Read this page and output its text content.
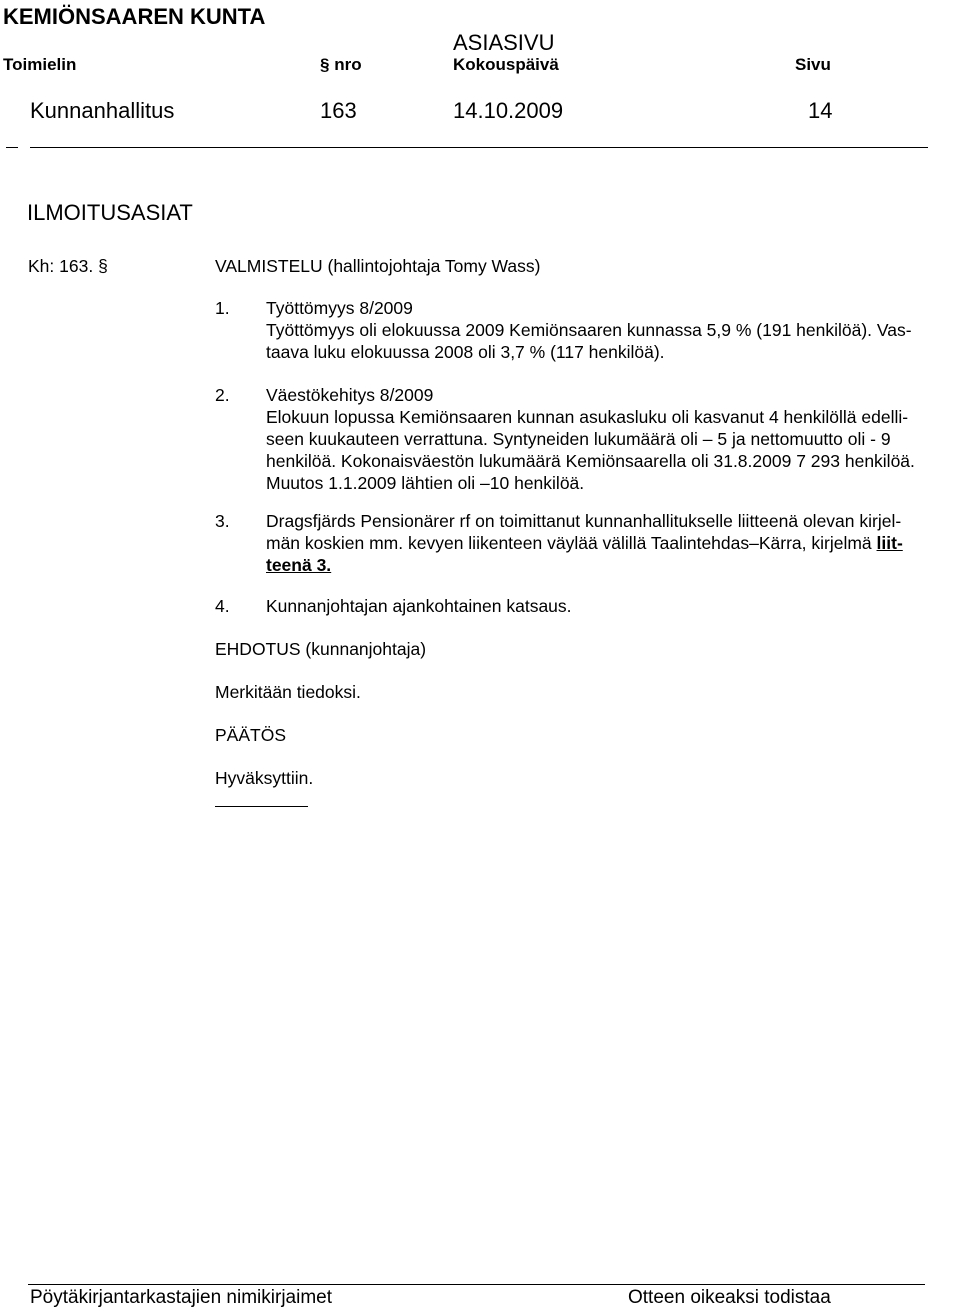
KEMIÖNSAAREN KUNTA
ASIASIVU
Toimielin	§ nro	Kokouspäivä	Sivu
Kunnanhallitus	163	14.10.2009	14
ILMOITUSASIAT
Kh: 163. §	VALMISTELU (hallintojohtaja Tomy Wass)
1. Työttömyys 8/2009

Työttömyys oli elokuussa 2009 Kemiönsaaren kunnassa 5,9 % (191 henkilöä). Vas-

taava luku elokuussa 2008 oli 3,7 % (117 henkilöä).

2. Väestökehitys 8/2009

Elokuun lopussa Kemiönsaaren kunnan asukasluku oli kasvanut 4 henkilöllä edelli-

seen kuukauteen verrattuna. Syntyneiden lukumäärä oli – 5 ja nettomuutto oli - 9

henkilöä. Kokonaisväestön lukumäärä Kemiönsaarella oli 31.8.2009 7 293 henkilöä.

Muutos 1.1.2009 lähtien oli –10 henkilöä.

3. Dragsfjärds Pensionärer rf on toimittanut kunnanhallitukselle liitteenä olevan kirjel-

män koskien mm. kevyen liikenteen väylää välillä Taalintehdas–Kärra, kirjelmä liit-

teenä 3.

4. Kunnanjohtajan ajankohtainen katsaus.
EHDOTUS (kunnanjohtaja)
Merkitään tiedoksi.
PÄÄTÖS
Hyväksyttiin.
Pöytäkirjantarkastajien nimikirjaimet	Otteen oikeaksi todistaa
